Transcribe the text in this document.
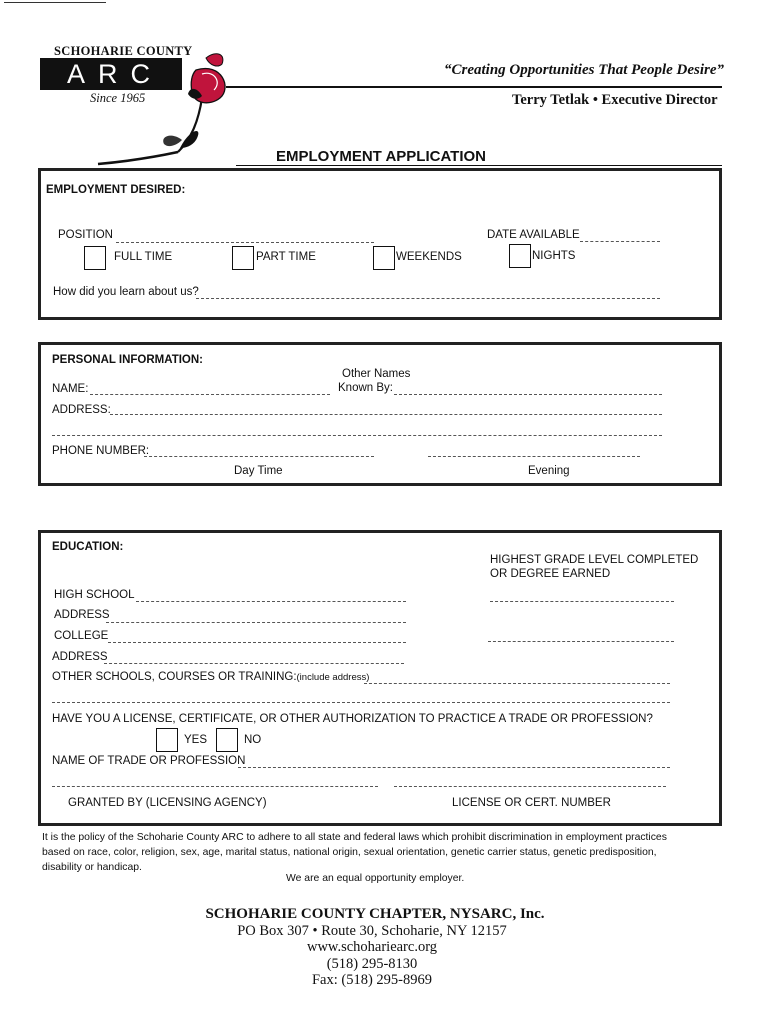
SCHOHARIE COUNTY
ARC
Since 1965
“Creating Opportunities That People Desire”
Terry Tetlak • Executive Director
EMPLOYMENT APPLICATION
EMPLOYMENT DESIRED:
POSITION	DATE AVAILABLE
FULL TIME	PART TIME	WEEKENDS	NIGHTS
How did you learn about us?
PERSONAL INFORMATION:
NAME:
Other Names
Known By:
ADDRESS:
PHONE NUMBER:
Day Time	Evening
EDUCATION:
HIGHEST GRADE LEVEL COMPLETED
OR DEGREE EARNED
HIGH SCHOOL
ADDRESS
COLLEGE
ADDRESS
OTHER SCHOOLS, COURSES OR TRAINING:(include address)
HAVE YOU A LICENSE, CERTIFICATE, OR OTHER AUTHORIZATION TO PRACTICE A TRADE OR PROFESSION?
YES	NO
NAME OF TRADE OR PROFESSION
GRANTED BY (LICENSING AGENCY)	LICENSE OR CERT. NUMBER
It is the policy of the Schoharie County ARC to adhere to all state and federal laws which prohibit discrimination in employment practices
based on race, color, religion, sex, age, marital status, national origin, sexual orientation, genetic carrier status, genetic predisposition,
disability or handicap.
We are an equal opportunity employer.
SCHOHARIE COUNTY CHAPTER, NYSARC, Inc.
PO Box 307 • Route 30, Schoharie, NY 12157
www.schohariearc.org
(518) 295-8130
Fax: (518) 295-8969
